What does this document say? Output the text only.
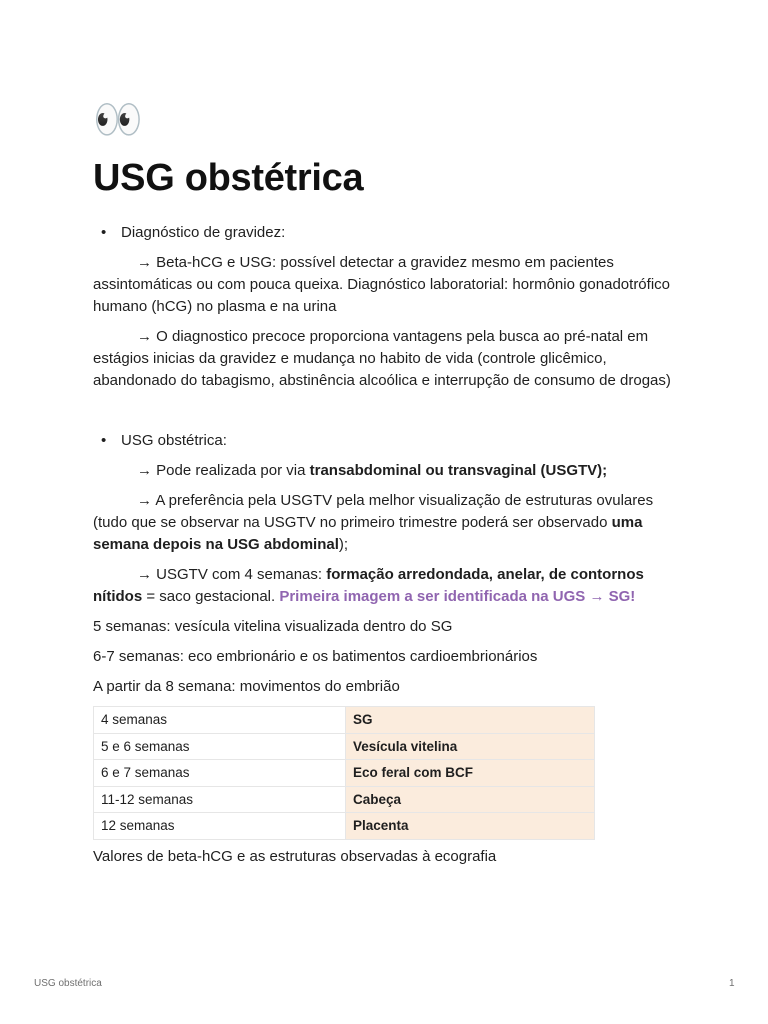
👀
USG obstétrica
• Diagnóstico de gravidez:

→ Beta-hCG e USG: possível detectar a gravidez mesmo em pacientes assintomáticas ou com pouca queixa. Diagnóstico laboratorial: hormônio gonadotrófico humano (hCG) no plasma e na urina

→ O diagnostico precoce proporciona vantagens pela busca ao pré-natal em estágios inicias da gravidez e mudança no habito de vida (controle glicêmico, abandonado do tabagismo, abstinência alcoólica e interrupção de consumo de drogas)

• USG obstétrica:

→ Pode realizada por via transabdominal ou transvaginal (USGTV);

→ A preferência pela USGTV pela melhor visualização de estruturas ovulares (tudo que se observar na USGTV no primeiro trimestre poderá ser observado uma semana depois na USG abdominal);

→ USGTV com 4 semanas: formação arredondada, anelar, de contornos nítidos = saco gestacional. Primeira imagem a ser identificada na UGS → SG!

5 semanas: vesícula vitelina visualizada dentro do SG

6-7 semanas: eco embrionário e os batimentos cardioembrionários

A partir da 8 semana: movimentos do embrião

4 semanas	SG
5 e 6 semanas	Vesícula vitelina
6 e 7 semanas	Eco feral com BCF
11-12 semanas	Cabeça
12 semanas	Placenta

Valores de beta-hCG e as estruturas observadas à ecografia

USG obstétrica	1
